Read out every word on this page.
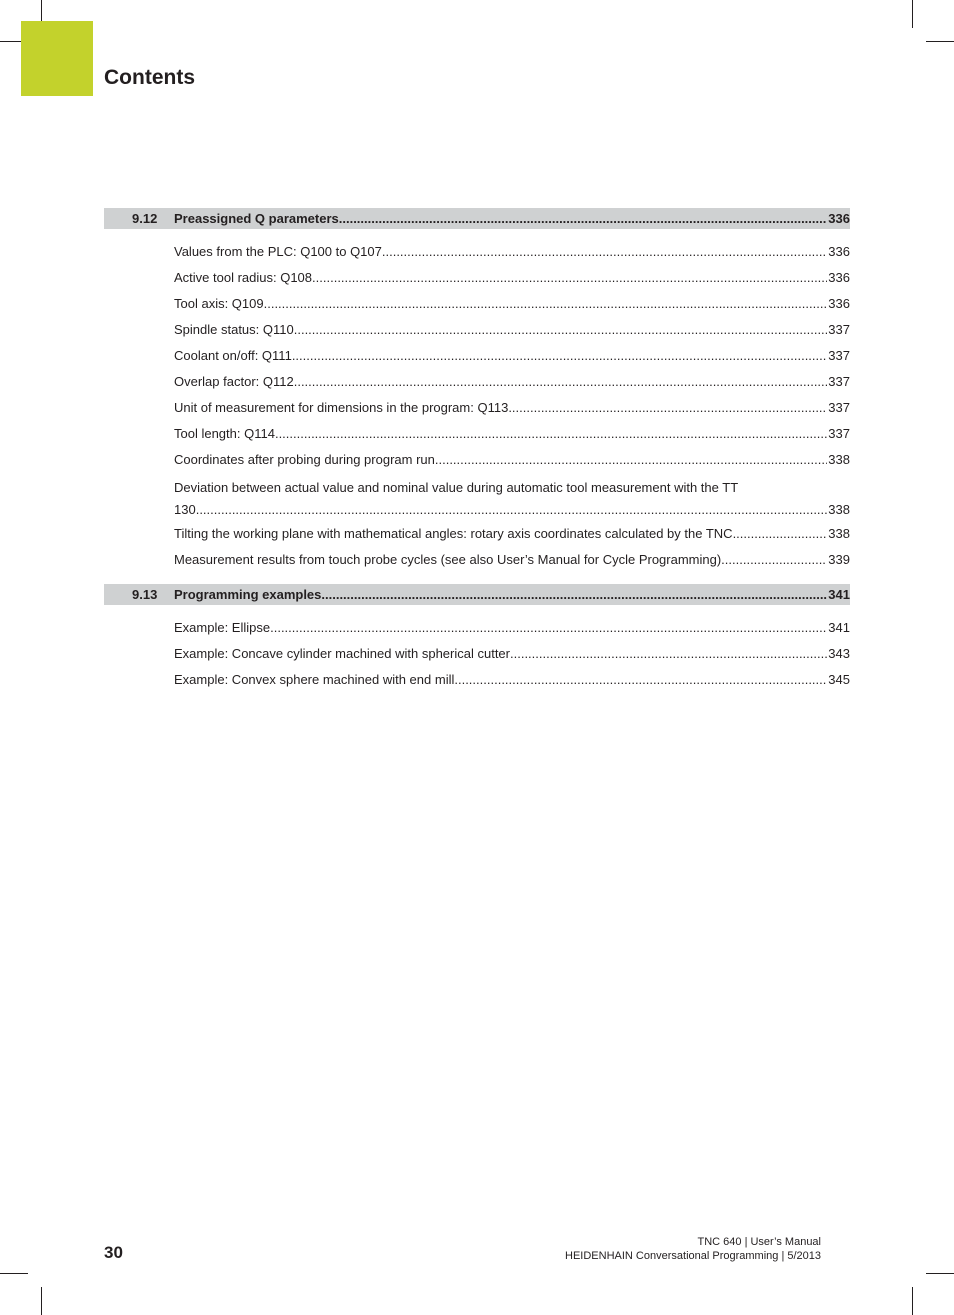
Contents
9.12	Preassigned Q parameters .....	336
Values from the PLC: Q100 to Q107 .....	336
Active tool radius: Q108 .....	336
Tool axis: Q109 .....	336
Spindle status: Q110 .....	337
Coolant on/off: Q111 .....	337
Overlap factor: Q112 .....	337
Unit of measurement for dimensions in the program: Q113 .....	337
Tool length: Q114 .....	337
Coordinates after probing during program run .....	338
Deviation between actual value and nominal value during automatic tool measurement with the TT
130 .....	338
Tilting the working plane with mathematical angles: rotary axis coordinates calculated by the TNC .....	338
Measurement results from touch probe cycles (see also User’s Manual for Cycle Programming) .....	339
9.13	Programming examples .....	341
Example: Ellipse .....	341
Example: Concave cylinder machined with spherical cutter .....	343
Example: Convex sphere machined with end mill .....	345
30
TNC 640 | User’s Manual
HEIDENHAIN Conversational Programming | 5/2013
